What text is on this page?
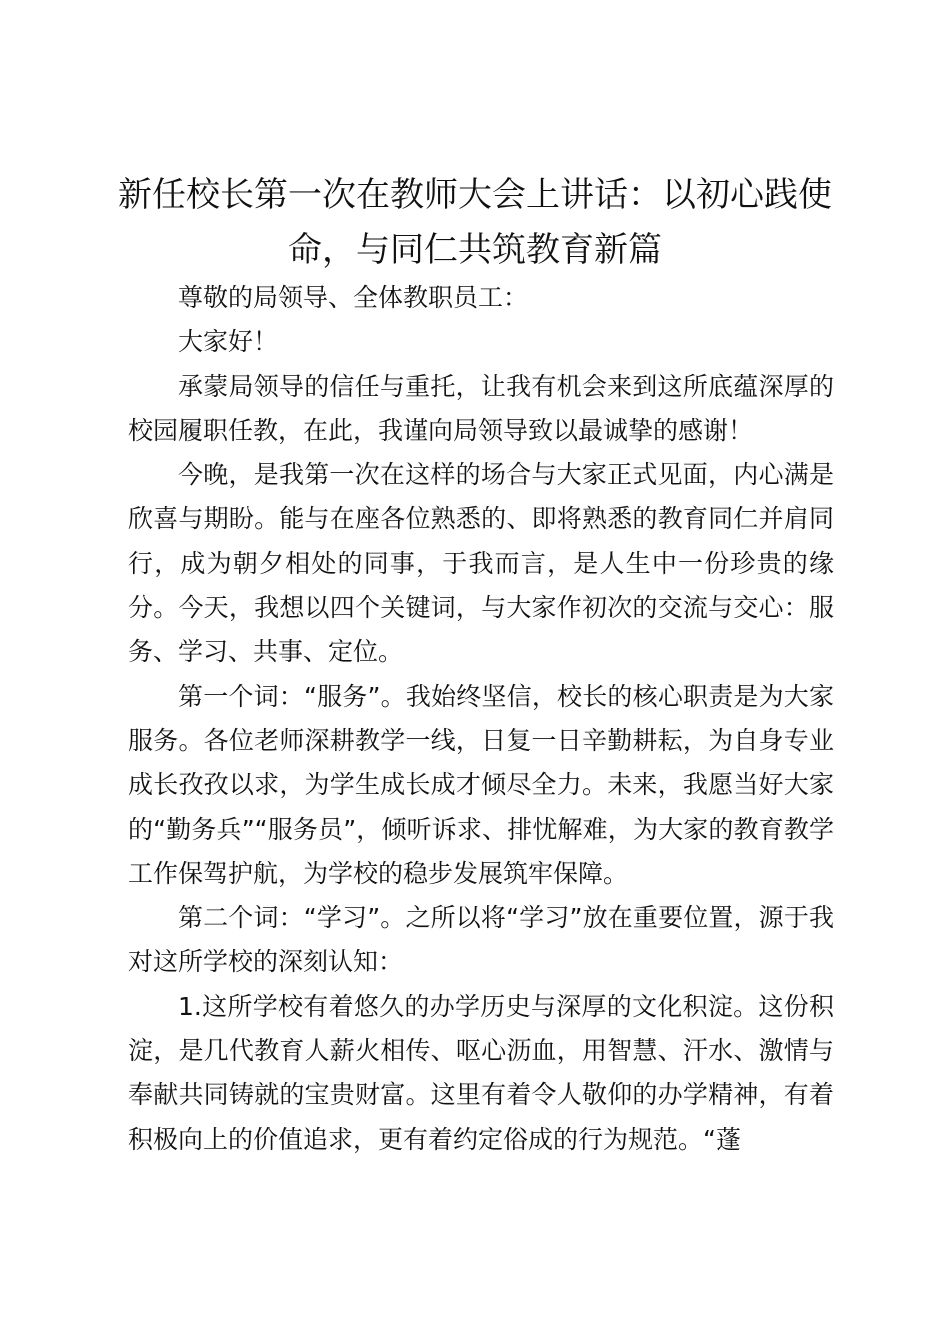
新任校长第一次在教师大会上讲话：以初心践使命，与同仁共筑教育新篇

尊敬的局领导、全体教职员工：

大家好！

承蒙局领导的信任与重托，让我有机会来到这所底蕴深厚的校园履职任教，在此，我谨向局领导致以最诚挚的感谢！

今晚，是我第一次在这样的场合与大家正式见面，内心满是欣喜与期盼。能与在座各位熟悉的、即将熟悉的教育同仁并肩同行，成为朝夕相处的同事，于我而言，是人生中一份珍贵的缘分。今天，我想以四个关键词，与大家作初次的交流与交心：服务、学习、共事、定位。

第一个词：“服务”。我始终坚信，校长的核心职责是为大家服务。各位老师深耕教学一线，日复一日辛勤耕耘，为自身专业成长孜孜以求，为学生成长成才倾尽全力。未来，我愿当好大家的“勤务兵”“服务员”，倾听诉求、排忧解难，为大家的教育教学工作保驾护航，为学校的稳步发展筑牢保障。

第二个词：“学习”。之所以将“学习”放在重要位置，源于我对这所学校的深刻认知：

1.这所学校有着悠久的办学历史与深厚的文化积淀。这份积淀，是几代教育人薪火相传、呕心沥血，用智慧、汗水、激情与奉献共同铸就的宝贵财富。这里有着令人敬仰的办学精神，有着积极向上的价值追求，更有着约定俗成的行为规范。“蓬
